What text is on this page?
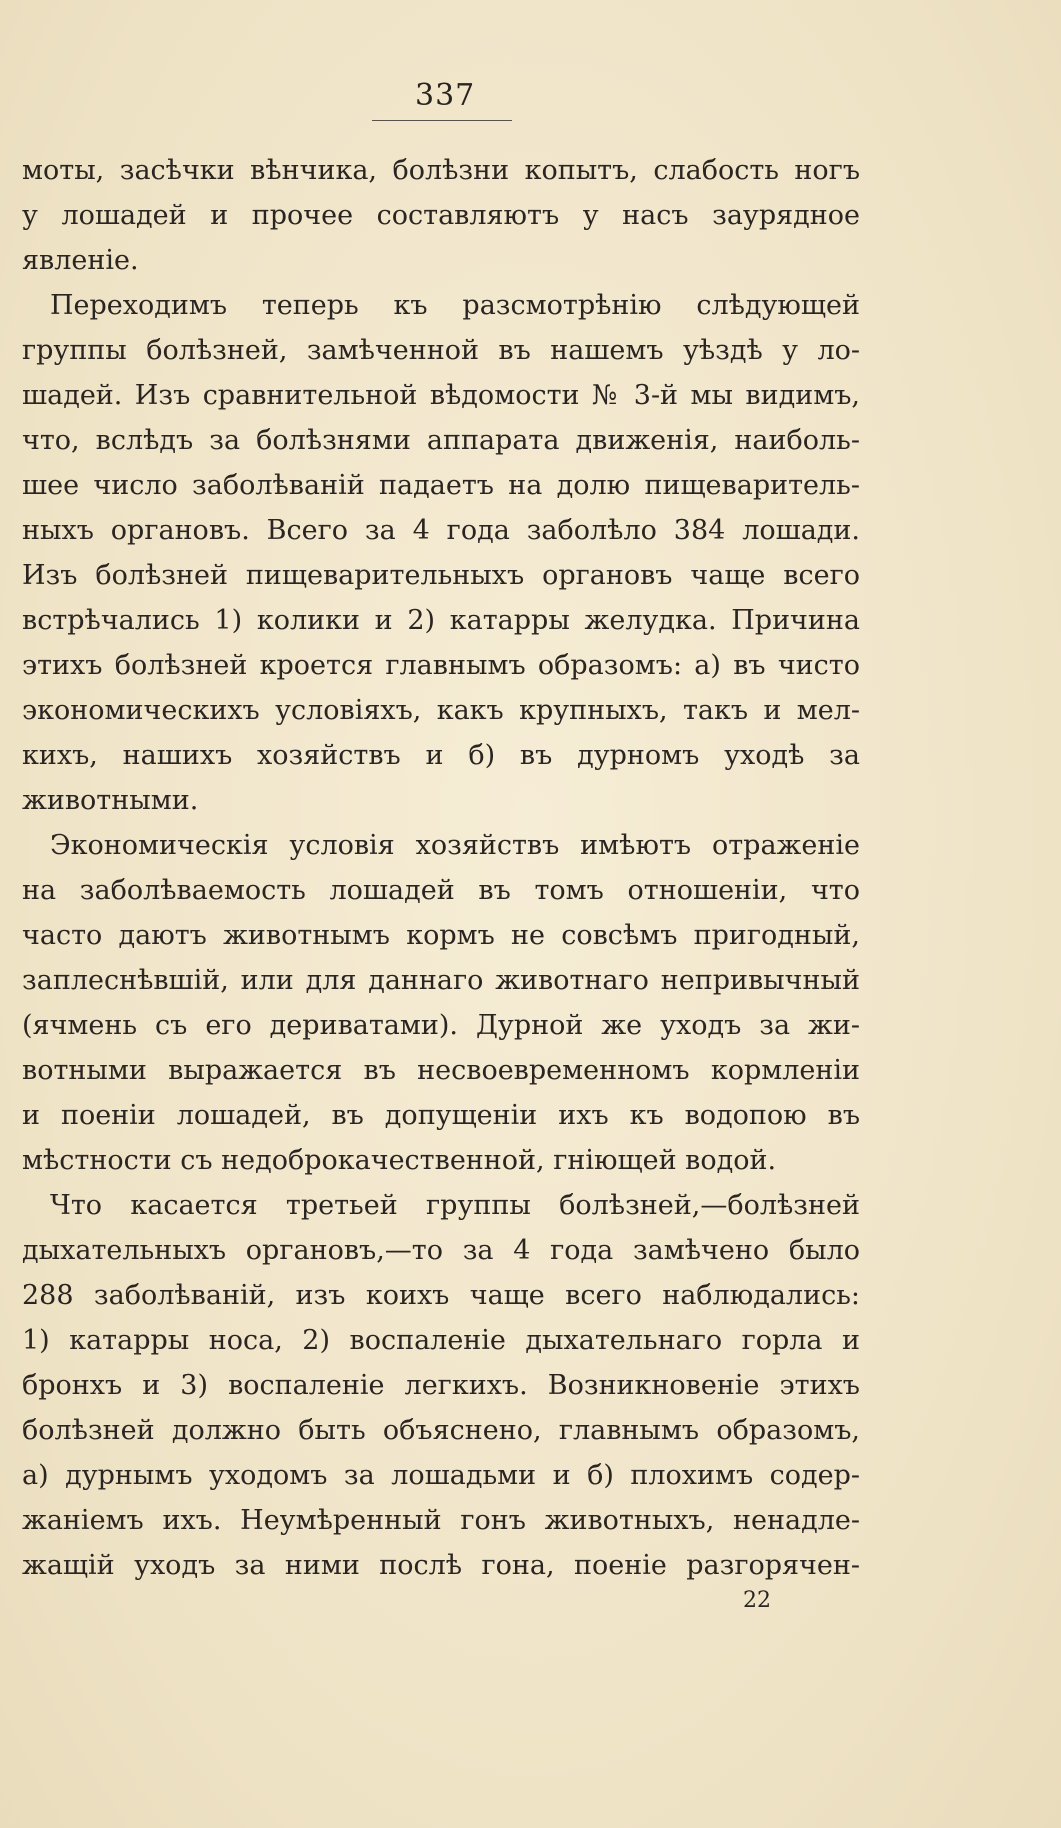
337
моты, засѣчки вѣнчика, болѣзни копытъ, слабость ногъ
у лошадей и прочее составляютъ у насъ заурядное
явленiе.
Переходимъ теперь къ разсмотрѣнiю слѣдующей
группы болѣзней, замѣченной въ нашемъ уѣздѣ у ло-
шадей. Изъ сравнительной вѣдомости № 3-й мы видимъ,
что, вслѣдъ за болѣзнями аппарата движенiя, наиболь-
шее число заболѣванiй падаетъ на долю пищеваритель-
ныхъ органовъ. Всего за 4 года заболѣло 384 лошади.
Изъ болѣзней пищеварительныхъ органовъ чаще всего
встрѣчались 1) колики и 2) катарры желудка. Причина
этихъ болѣзней кроется главнымъ образомъ: а) въ чисто
экономическихъ условiяхъ, какъ крупныхъ, такъ и мел-
кихъ, нашихъ хозяйствъ и б) въ дурномъ уходѣ за
животными.
Экономическiя условiя хозяйствъ имѣютъ отраженiе
на заболѣваемость лошадей въ томъ отношенiи, что
часто даютъ животнымъ кормъ не совсѣмъ пригодный,
заплеснѣвшiй, или для даннаго животнаго непривычный
(ячмень съ его дериватами). Дурной же уходъ за жи-
вотными выражается въ несвоевременномъ кормленiи
и поенiи лошадей, въ допущенiи ихъ къ водопою въ
мѣстности съ недоброкачественной, гнiющей водой.
Что касается третьей группы болѣзней,—болѣзней
дыхательныхъ органовъ,—то за 4 года замѣчено было
288 заболѣванiй, изъ коихъ чаще всего наблюдались:
1) катарры носа, 2) воспаленiе дыхательнаго горла и
бронхъ и 3) воспаленiе легкихъ. Возникновенiе этихъ
болѣзней должно быть объяснено, главнымъ образомъ,
а) дурнымъ уходомъ за лошадьми и б) плохимъ содер-
жанiемъ ихъ. Неумѣренный гонъ животныхъ, ненадле-
жащiй уходъ за ними послѣ гона, поенiе разгорячен-
22
